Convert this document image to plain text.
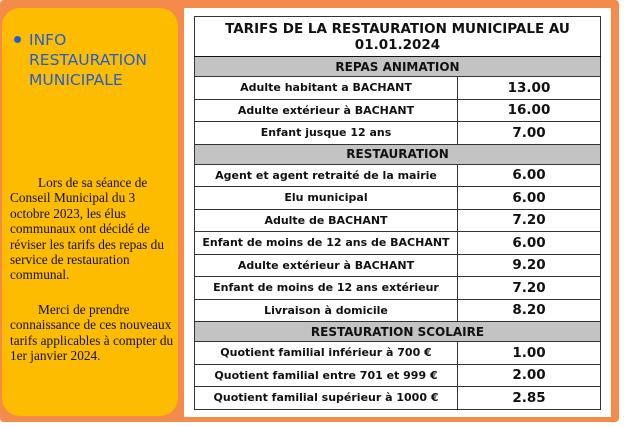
INFO RESTAURATION MUNICIPALE

Lors de sa séance de Conseil Municipal du 3 octobre 2023, les élus communaux ont décidé de réviser les tarifs des repas du service de restauration communal.

Merci de prendre connaissance de ces nouveaux tarifs applicables à compter du 1er janvier 2024.

TARIFS DE LA RESTAURATION MUNICIPALE AU 01.01.2024	
REPAS ANIMATION	
Adulte habitant a BACHANT	13.00
Adulte extérieur à BACHANT	16.00
Enfant jusque 12 ans	7.00
RESTAURATION	
Agent et agent retraité de la mairie	6.00
Elu municipal	6.00
Adulte de BACHANT	7.20
Enfant de moins de 12 ans de BACHANT	6.00
Adulte extérieur à BACHANT	9.20
Enfant de moins de 12 ans extérieur	7.20
Livraison à domicile	8.20
RESTAURATION SCOLAIRE	
Quotient familial inférieur à 700 €	1.00
Quotient familial entre 701 et 999 €	2.00
Quotient familial supérieur à 1000 €	2.85
